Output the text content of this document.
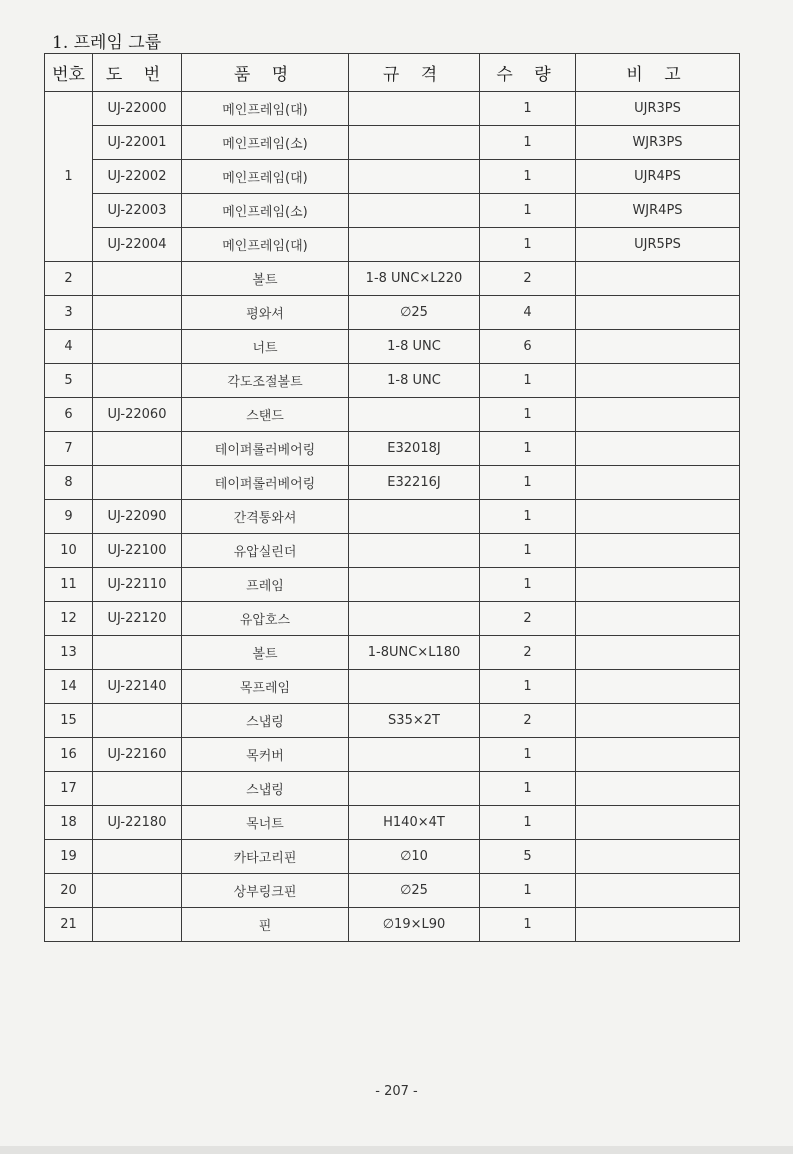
1. 프레임 그룹
번호	도 번	품 명	규 격	수 량	비 고
1	UJ-22000	메인프레임(대)		1	UJR3PS
	UJ-22001	메인프레임(소)		1	WJR3PS
	UJ-22002	메인프레임(대)		1	UJR4PS
	UJ-22003	메인프레임(소)		1	WJR4PS
	UJ-22004	메인프레임(대)		1	UJR5PS
2		볼트	1-8 UNC×L220	2	
3		평와셔	∅25	4	
4		너트	1-8 UNC	6	
5		각도조절볼트	1-8 UNC	1	
6	UJ-22060	스탠드		1	
7		테이퍼롤러베어링	E32018J	1	
8		테이퍼롤러베어링	E32216J	1	
9	UJ-22090	간격통와셔		1	
10	UJ-22100	유압실린더		1	
11	UJ-22110	프레임		1	
12	UJ-22120	유압호스		2	
13		볼트	1-8UNC×L180	2	
14	UJ-22140	목프레임		1	
15		스냅링	S35×2T	2	
16	UJ-22160	목커버		1	
17		스냅링		1	
18	UJ-22180	목너트	H140×4T	1	
19		카타고리핀	∅10	5	
20		상부링크핀	∅25	1	
21		핀	∅19×L90	1	
- 207 -
